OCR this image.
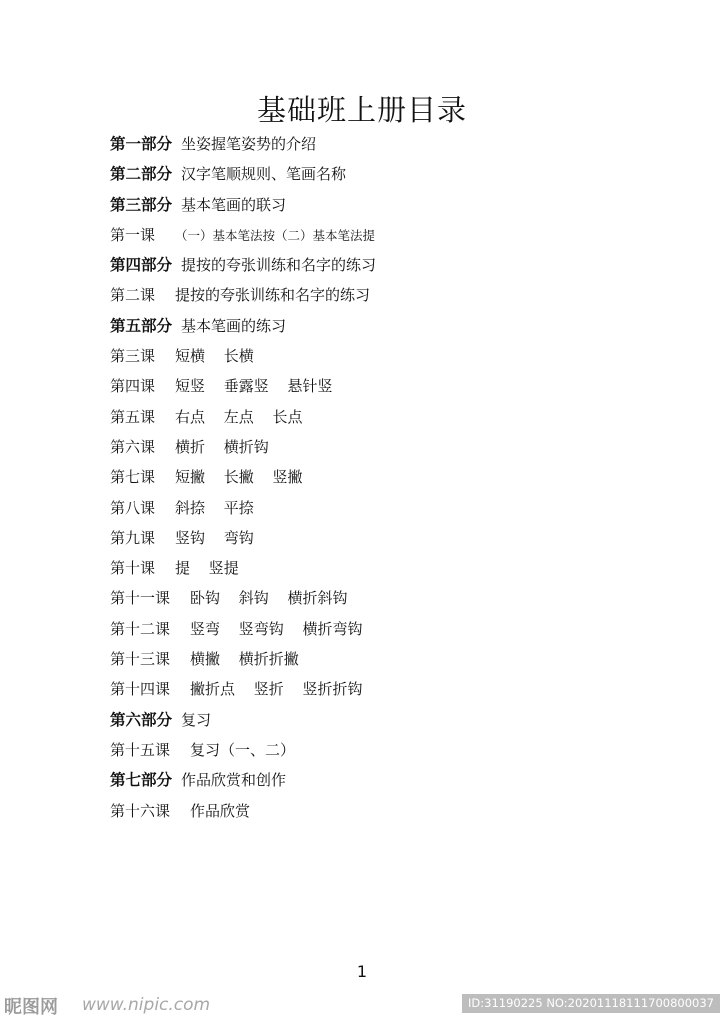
基础班上册目录
第一部分 坐姿握笔姿势的介绍
第二部分 汉字笔顺规则、笔画名称
第三部分 基本笔画的联习
第一课 （一）基本笔法按（二）基本笔法提
第四部分 提按的夸张训练和名字的练习
第二课 提按的夸张训练和名字的练习
第五部分 基本笔画的练习
第三课 短横 长横
第四课 短竖 垂露竖 悬针竖
第五课 右点 左点 长点
第六课 横折 横折钩
第七课 短撇 长撇 竖撇
第八课 斜捺 平捺
第九课 竖钩 弯钩
第十课 提 竖提
第十一课 卧钩 斜钩 横折斜钩
第十二课 竖弯 竖弯钩 横折弯钩
第十三课 横撇 横折折撇
第十四课 撇折点 竖折 竖折折钩
第六部分 复习
第十五课 复习（一、二）
第七部分 作品欣赏和创作
第十六课 作品欣赏
1
昵图网 www.nipic.com	ID:31190225 NO:20201118111700800037
